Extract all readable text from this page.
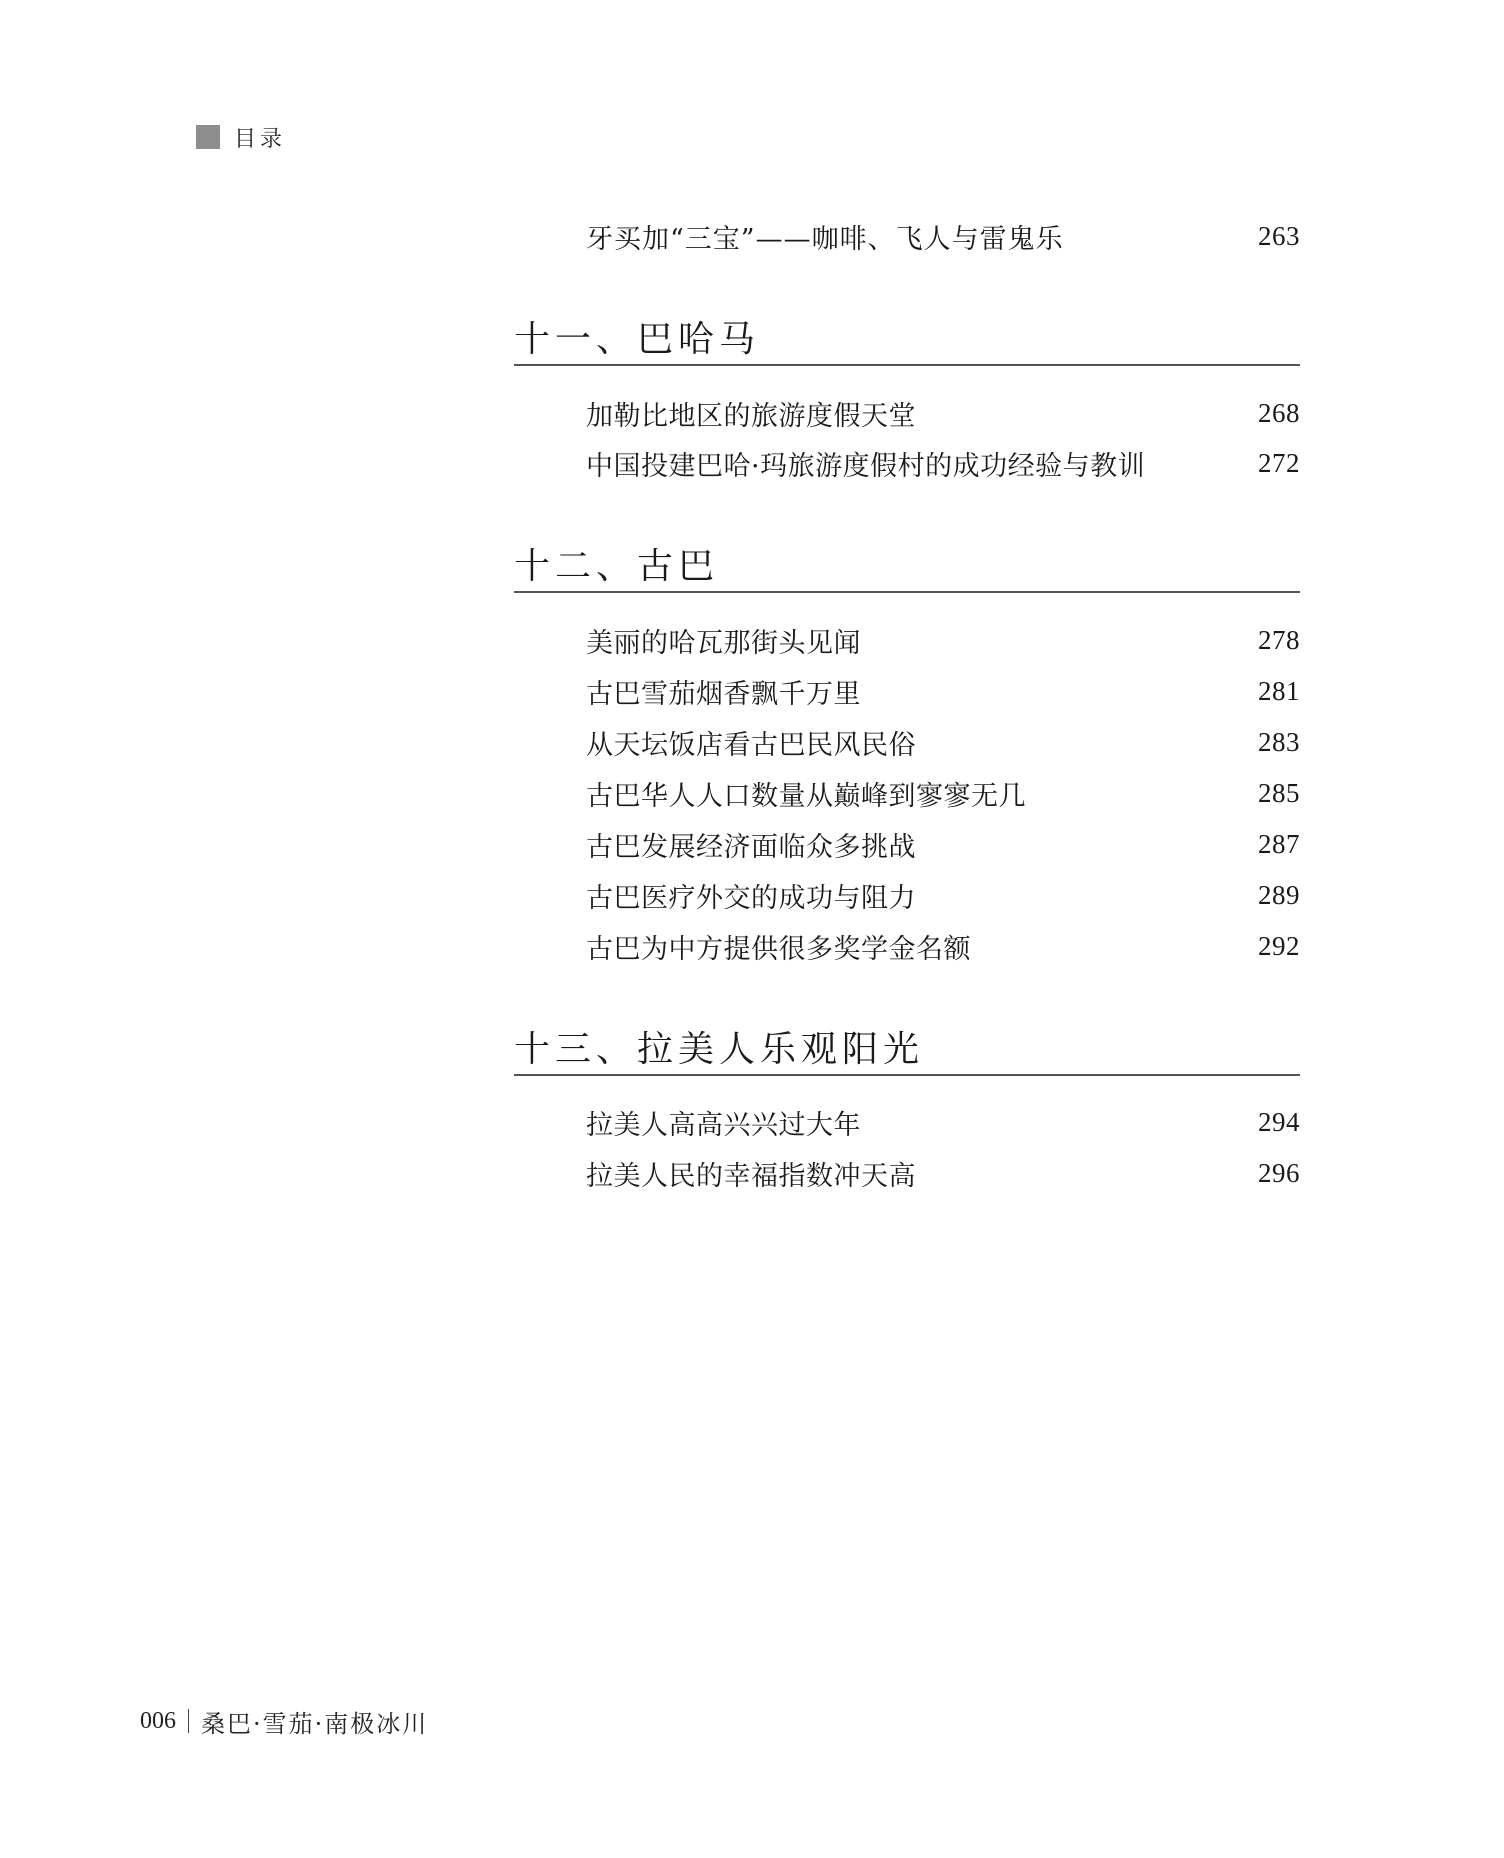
目录
牙买加“三宝”——咖啡、飞人与雷鬼乐	263
十一、巴哈马
加勒比地区的旅游度假天堂	268
中国投建巴哈·玛旅游度假村的成功经验与教训	272
十二、古巴
美丽的哈瓦那街头见闻	278
古巴雪茄烟香飘千万里	281
从天坛饭店看古巴民风民俗	283
古巴华人人口数量从巅峰到寥寥无几	285
古巴发展经济面临众多挑战	287
古巴医疗外交的成功与阻力	289
古巴为中方提供很多奖学金名额	292
十三、拉美人乐观阳光
拉美人高高兴兴过大年	294
拉美人民的幸福指数冲天高	296
006 桑巴·雪茄·南极冰川
